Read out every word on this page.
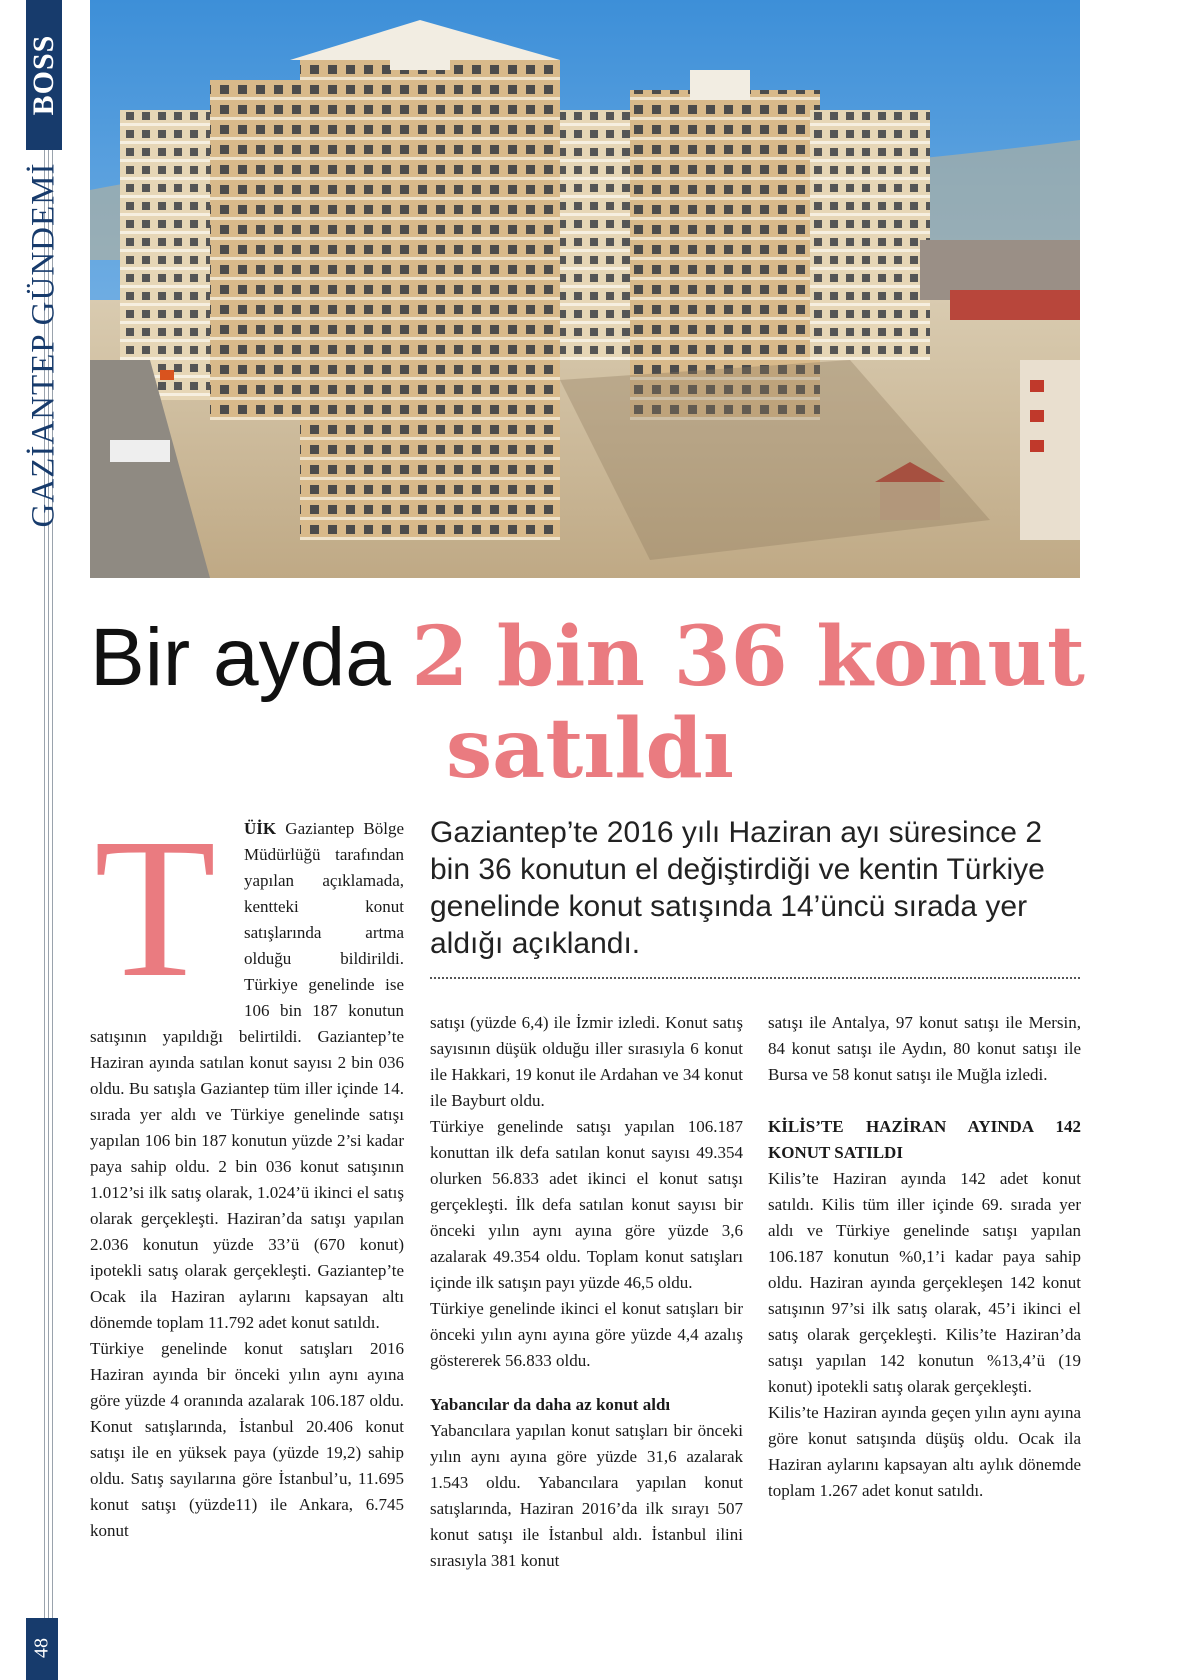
BOSS
GAZİANTEP GÜNDEMİ
48
Bir ayda 2 bin 36 konut
satıldı
Gaziantep’te 2016 yılı Haziran ayı süresince 2 bin 36 konutun el değiştirdiği ve kentin Türkiye genelinde konut satışında 14’üncü sırada yer aldığı açıklandı.

T	ÜİK Gaziantep Bölge Müdürlüğü tarafından yapılan açıklamada, kentteki konut satışlarında artma olduğu bildirildi. Türkiye genelinde ise 106 bin 187 konutun satışının yapıldığı belirtildi. Gaziantep’te Haziran ayında satılan konut sayısı 2 bin 036 oldu. Bu satışla Gaziantep tüm iller içinde 14. sırada yer aldı ve Türkiye genelinde satışı yapılan 106 bin 187 konutun yüzde 2’si kadar paya sahip oldu. 2 bin 036 konut satışının 1.012’si ilk satış olarak, 1.024’ü ikinci el satış olarak gerçekleşti. Haziran’da satışı yapılan 2.036 konutun yüzde 33’ü (670 konut) ipotekli satış olarak gerçekleşti. Gaziantep’te Ocak ila Haziran aylarını kapsayan altı dönemde toplam 11.792 adet konut satıldı.

Türkiye genelinde konut satışları 2016 Haziran ayında bir önceki yılın aynı ayına göre yüzde 4 oranında azalarak 106.187 oldu. Konut satışlarında, İstanbul 20.406 konut satışı ile en yüksek paya (yüzde 19,2) sahip oldu. Satış sayılarına göre İstanbul’u, 11.695 konut satışı (yüzde11) ile Ankara, 6.745 konut

satışı (yüzde 6,4) ile İzmir izledi. Konut satış sayısının düşük olduğu iller sırasıyla 6 konut ile Hakkari, 19 konut ile Ardahan ve 34 konut ile Bayburt oldu.

Türkiye genelinde satışı yapılan 106.187 konuttan ilk defa satılan konut sayısı 49.354 olurken 56.833 adet ikinci el konut satışı gerçekleşti. İlk defa satılan konut sayısı bir önceki yılın aynı ayına göre yüzde 3,6 azalarak 49.354 oldu. Toplam konut satışları içinde ilk satışın payı yüzde 46,5 oldu.

Türkiye genelinde ikinci el konut satışları bir önceki yılın aynı ayına göre yüzde 4,4 azalış göstererek 56.833 oldu.

Yabancılar da daha az konut aldı

Yabancılara yapılan konut satışları bir önceki yılın aynı ayına göre yüzde 31,6 azalarak 1.543 oldu. Yabancılara yapılan konut satışlarında, Haziran 2016’da ilk sırayı 507 konut satışı ile İstanbul aldı. İstanbul ilini sırasıyla 381 konut

satışı ile Antalya, 97 konut satışı ile Mersin, 84 konut satışı ile Aydın, 80 konut satışı ile Bursa ve 58 konut satışı ile Muğla izledi.

KİLİS’TE HAZİRAN AYINDA 142 KONUT SATILDI

Kilis’te Haziran ayında 142 adet konut satıldı. Kilis tüm iller içinde 69. sırada yer aldı ve Türkiye genelinde satışı yapılan 106.187 konutun %0,1’i kadar paya sahip oldu. Haziran ayında gerçekleşen 142 konut satışının 97’si ilk satış olarak, 45’i ikinci el satış olarak gerçekleşti. Kilis’te Haziran’da satışı yapılan 142 konutun %13,4’ü (19 konut) ipotekli satış olarak gerçekleşti.

Kilis’te Haziran ayında geçen yılın aynı ayına göre konut satışında düşüş oldu. Ocak ila Haziran aylarını kapsayan altı aylık dönemde toplam 1.267 adet konut satıldı.
